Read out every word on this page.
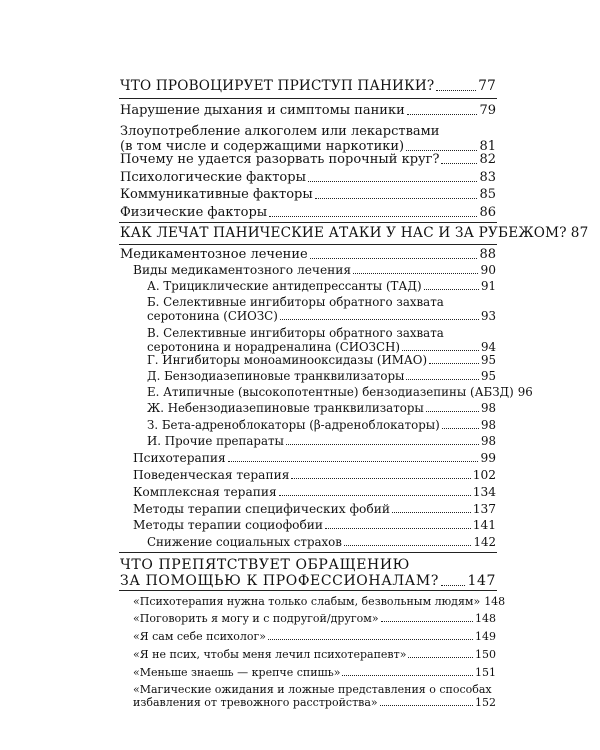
ЧТО ПРОВОЦИРУЕТ ПРИСТУП ПАНИКИ?	77
Нарушение дыхания и симптомы паники	79
Злоупотребление алкоголем или лекарствами
(в том числе и содержащими наркотики)	81
Почему не удается разорвать порочный круг?	82
Психологические факторы	83
Коммуникативные факторы	85
Физические факторы	86
КАК ЛЕЧАТ ПАНИЧЕСКИЕ АТАКИ У НАС И ЗА РУБЕЖОМ? 87
Медикаментозное лечение	88
Виды медикаментозного лечения	90
А. Трициклические антидепрессанты (ТАД)	91
Б. Селективные ингибиторы обратного захвата
серотонина (СИОЗС)	93
В. Селективные ингибиторы обратного захвата
серотонина и норадреналина (СИОЗСН)	94
Г. Ингибиторы моноаминооксидазы (ИМАО)	95
Д. Бензодиазепиновые транквилизаторы	95
Е. Атипичные (высокопотентные) бензодиазепины (АБЗД) 96
Ж. Небензодиазепиновые транквилизаторы	98
З. Бета-адреноблокаторы (β-адреноблокаторы)	98
И. Прочие препараты	98
Психотерапия	99
Поведенческая терапия	102
Комплексная терапия	134
Методы терапии специфических фобий	137
Методы терапии социофобии	141
Снижение социальных страхов	142
ЧТО ПРЕПЯТСТВУЕТ ОБРАЩЕНИЮ
ЗА ПОМОЩЬЮ К ПРОФЕССИОНАЛАМ? 147
«Психотерапия нужна только слабым, безвольным людям» 148
«Поговорить я могу и с подругой/другом»	148
«Я сам себе психолог»	149
«Я не псих, чтобы меня лечил психотерапевт»	150
«Меньше знаешь — крепче спишь»	151
«Магические ожидания и ложные представления о способах
избавления от тревожного расстройства»	152
